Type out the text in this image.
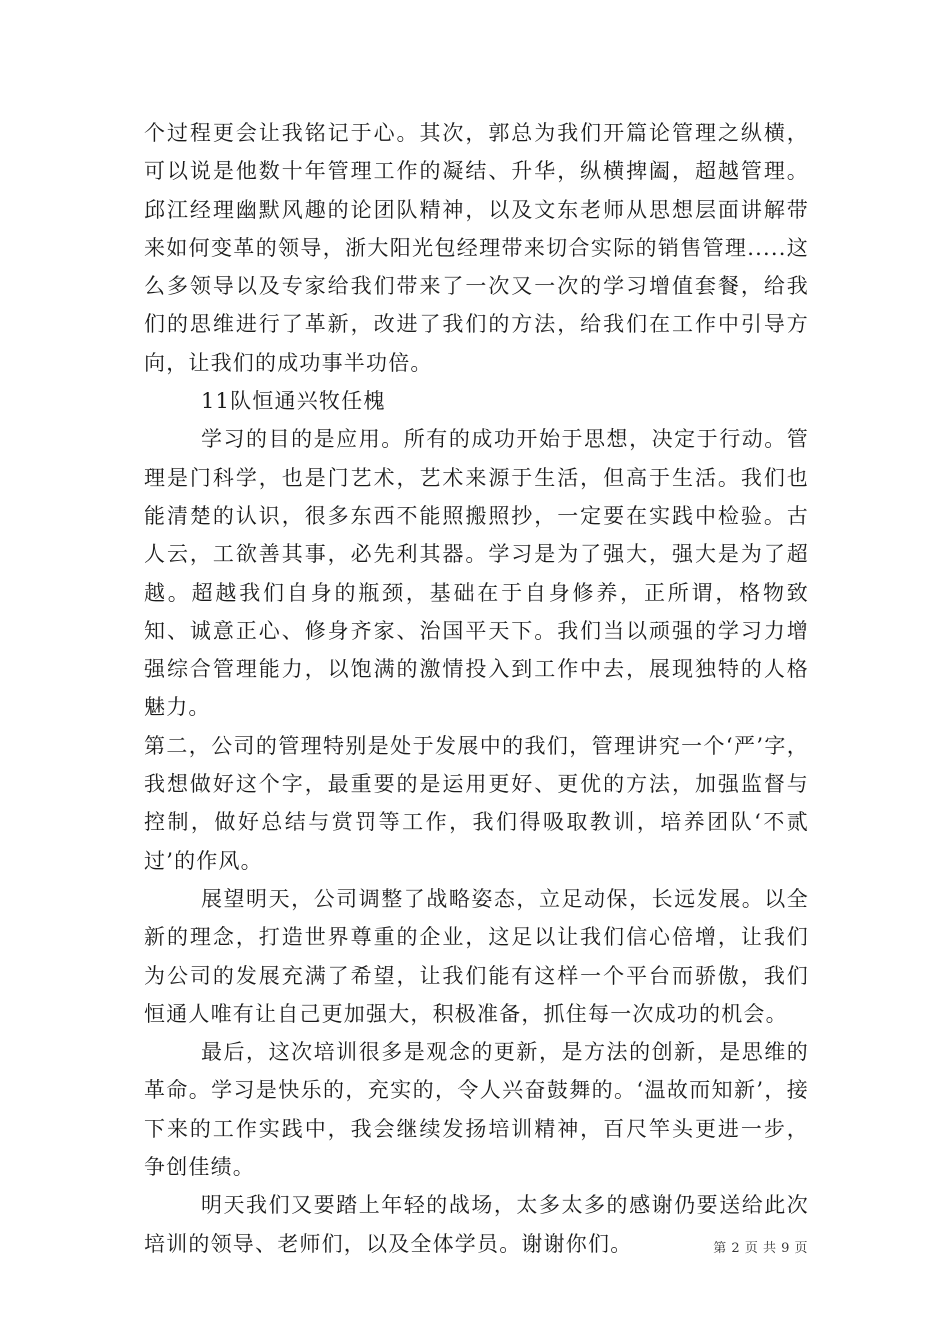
个过程更会让我铭记于心。其次，郭总为我们开篇论管理之纵横，可以说是他数十年管理工作的凝结、升华，纵横捭阖，超越管理。邱江经理幽默风趣的论团队精神，以及文东老师从思想层面讲解带来如何变革的领导，浙大阳光包经理带来切合实际的销售管理.....这么多领导以及专家给我们带来了一次又一次的学习增值套餐，给我们的思维进行了革新，改进了我们的方法，给我们在工作中引导方向，让我们的成功事半功倍。

11队恒通兴牧任槐

学习的目的是应用。所有的成功开始于思想，决定于行动。管理是门科学，也是门艺术，艺术来源于生活，但高于生活。我们也能清楚的认识，很多东西不能照搬照抄，一定要在实践中检验。古人云，工欲善其事，必先利其器。学习是为了强大，强大是为了超越。超越我们自身的瓶颈，基础在于自身修养，正所谓，格物致知、诚意正心、修身齐家、治国平天下。我们当以顽强的学习力增强综合管理能力，以饱满的激情投入到工作中去，展现独特的人格魅力。

第二，公司的管理特别是处于发展中的我们，管理讲究一个‘严’字，我想做好这个字，最重要的是运用更好、更优的方法，加强监督与控制，做好总结与赏罚等工作，我们得吸取教训，培养团队‘不贰过’的作风。

展望明天，公司调整了战略姿态，立足动保，长远发展。以全新的理念，打造世界尊重的企业，这足以让我们信心倍增，让我们为公司的发展充满了希望，让我们能有这样一个平台而骄傲，我们恒通人唯有让自己更加强大，积极准备，抓住每一次成功的机会。

最后，这次培训很多是观念的更新，是方法的创新，是思维的革命。学习是快乐的，充实的，令人兴奋鼓舞的。‘温故而知新’，接下来的工作实践中，我会继续发扬培训精神，百尺竿头更进一步，争创佳绩。

明天我们又要踏上年轻的战场，太多太多的感谢仍要送给此次培训的领导、老师们，以及全体学员。谢谢你们。	第 2 页 共 9 页
